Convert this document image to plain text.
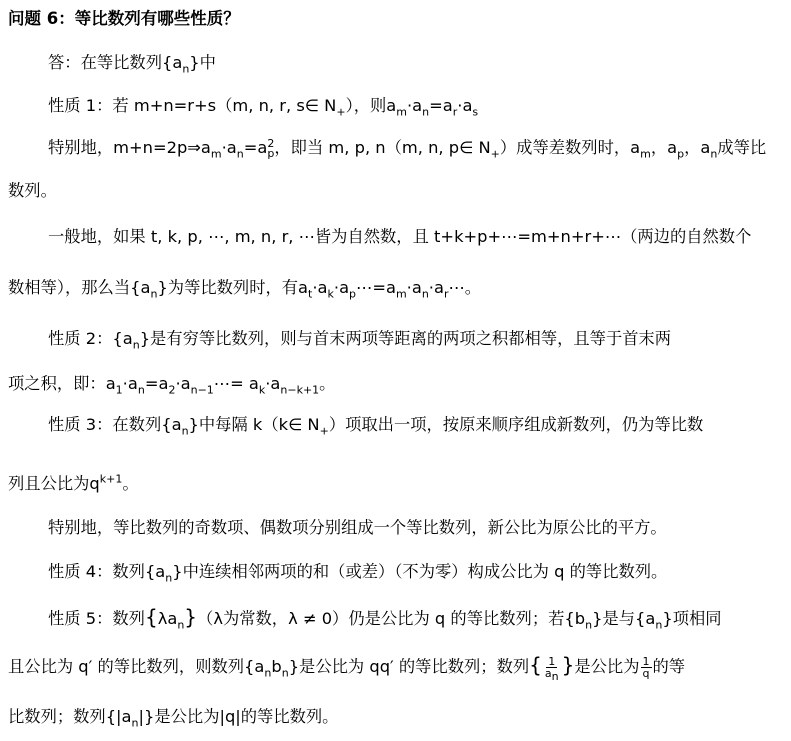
问题 6：等比数列有哪些性质？
答：在等比数列$\{a_n\}$中
性质 1：若 m+n=r+s（m, n, r, s∈ $N_+$），则$a_m\cdot a_n=a_r\cdot a_s$
特别地，$m+n=2p\Rightarrow a_m\cdot a_n=a$ 2
p ，即当 m, p, n（m, n, p∈ $N_+$）成等差数列时，$a_m$，$a_p$，$a_n$成等比
数列。
一般地，如果 t, k, p, ⋯, m, n, r, ⋯皆为自然数，且 t+k+p+⋯=m+n+r+⋯（两边的自然数个
数相等），那么当$\{a_n\}$为等比数列时，有$a_t\cdot a_k\cdot a_p\cdots=a_m\cdot a_n\cdot a_r\cdots$。
性质 2：$\{a_n\}$是有穷等比数列，则与首末两项等距离的两项之积都相等，且等于首末两
项之积，即：$a_1\cdot a_n=a_2\cdot a_{n-1}\cdots= a_k\cdot a_{n-k+1}$。
性质 3：在数列$\{a_n\}$中每隔 k（k∈ $N_+$）项取出一项，按原来顺序组成新数列，仍为等比数
列且公比为$q^{k+1}$。
特别地，等比数列的奇数项、偶数项分别组成一个等比数列，新公比为原公比的平方。
性质 4：数列$\{a_n\}$中连续相邻两项的和（或差）（不为零）构成公比为 q 的等比数列。
性质 5：数列$\{\lambda a_n\}(\lambda$为常数，λ ≠ 0）仍是公比为 q 的等比数列；若$\{b_n\}$是与$\{a_n\}$项相同
且公比为 q′ 的等比数列，则数列$\{a_nb_n\}$是公比为 qq′ 的等比数列；数列{ $\frac{1}{a_n}$ }是公比为 $\frac{1}{q}$ 的等
比数列；数列$\{|a_n|\}$是公比为|q|的等比数列。
